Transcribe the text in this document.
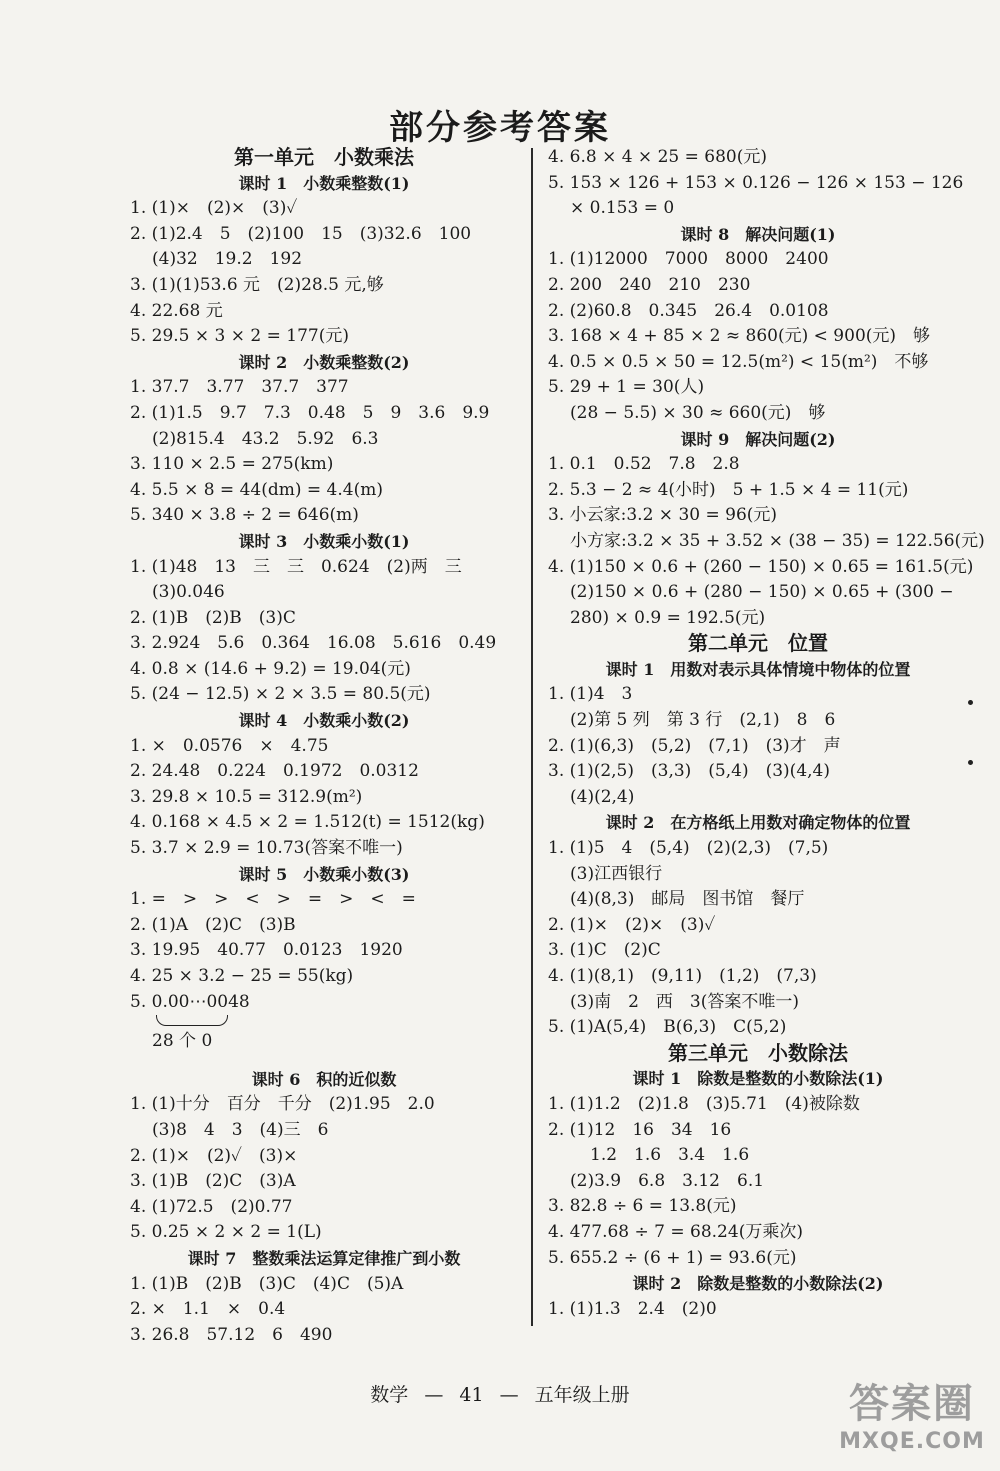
部分参考答案
第一单元　小数乘法
课时 1　小数乘整数(1)
1. (1)×　(2)×　(3)✓
2. (1)2.4　5　(2)100　15　(3)32.6　100
(4)32　19.2　192
3. (1)(1)53.6 元　(2)28.5 元,够
4. 22.68 元
5. 29.5 × 3 × 2 = 177(元)
课时 2　小数乘整数(2)
1. 37.7　3.77　37.7　377
2. (1)1.5　9.7　7.3　0.48　5　9　3.6　9.9
(2)815.4　43.2　5.92　6.3
3. 110 × 2.5 = 275(km)
4. 5.5 × 8 = 44(dm) = 4.4(m)
5. 340 × 3.8 ÷ 2 = 646(m)
课时 3　小数乘小数(1)
1. (1)48　13　三　三　0.624　(2)两　三
(3)0.046
2. (1)B　(2)B　(3)C
3. 2.924　5.6　0.364　16.08　5.616　0.49
4. 0.8 × (14.6 + 9.2) = 19.04(元)
5. (24 − 12.5) × 2 × 3.5 = 80.5(元)
课时 4　小数乘小数(2)
1. ×　0.0576　×　4.75
2. 24.48　0.224　0.1972　0.0312
3. 29.8 × 10.5 = 312.9(m²)
4. 0.168 × 4.5 × 2 = 1.512(t) = 1512(kg)
5. 3.7 × 2.9 = 10.73(答案不唯一)
课时 5　小数乘小数(3)
1. =　>　>　<　>　=　>　<　=
2. (1)A　(2)C　(3)B
3. 19.95　40.77　0.0123　1920
4. 25 × 3.2 − 25 = 55(kg)
5. 0.00⋯0048
28 个 0
课时 6　积的近似数
1. (1)十分　百分　千分　(2)1.95　2.0
(3)8　4　3　(4)三　6
2. (1)×　(2)✓　(3)×
3. (1)B　(2)C　(3)A
4. (1)72.5　(2)0.77
5. 0.25 × 2 × 2 = 1(L)
课时 7　整数乘法运算定律推广到小数
1. (1)B　(2)B　(3)C　(4)C　(5)A
2. ×　1.1　×　0.4
3. 26.8　57.12　6　490
4. 6.8 × 4 × 25 = 680(元)
5. 153 × 126 + 153 × 0.126 − 126 × 153 − 126
× 0.153 = 0
课时 8　解决问题(1)
1. (1)12000　7000　8000　2400
2. 200　240　210　230
2. (2)60.8　0.345　26.4　0.0108
3. 168 × 4 + 85 × 2 ≈ 860(元) < 900(元)　够
4. 0.5 × 0.5 × 50 = 12.5(m²) < 15(m²)　不够
5. 29 + 1 = 30(人)
(28 − 5.5) × 30 ≈ 660(元)　够
课时 9　解决问题(2)
1. 0.1　0.52　7.8　2.8
2. 5.3 − 2 ≈ 4(小时)　5 + 1.5 × 4 = 11(元)
3. 小云家:3.2 × 30 = 96(元)
小方家:3.2 × 35 + 3.52 × (38 − 35) = 122.56(元)
4. (1)150 × 0.6 + (260 − 150) × 0.65 = 161.5(元)
(2)150 × 0.6 + (280 − 150) × 0.65 + (300 −
280) × 0.9 = 192.5(元)
第二单元　位置
课时 1　用数对表示具体情境中物体的位置
1. (1)4　3
(2)第 5 列　第 3 行　(2,1)　8　6
2. (1)(6,3)　(5,2)　(7,1)　(3)才　声
3. (1)(2,5)　(3,3)　(5,4)　(3)(4,4)
(4)(2,4)
课时 2　在方格纸上用数对确定物体的位置
1. (1)5　4　(5,4)　(2)(2,3)　(7,5)
(3)江西银行
(4)(8,3)　邮局　图书馆　餐厅
2. (1)×　(2)×　(3)✓
3. (1)C　(2)C
4. (1)(8,1)　(9,11)　(1,2)　(7,3)
(3)南　2　西　3(答案不唯一)
5. (1)A(5,4)　B(6,3)　C(5,2)
第三单元　小数除法
课时 1　除数是整数的小数除法(1)
1. (1)1.2　(2)1.8　(3)5.71　(4)被除数
2. (1)12　16　34　16
1.2　1.6　3.4　1.6
(2)3.9　6.8　3.12　6.1
3. 82.8 ÷ 6 = 13.8(元)
4. 477.68 ÷ 7 = 68.24(万乘次)
5. 655.2 ÷ (6 + 1) = 93.6(元)
课时 2　除数是整数的小数除法(2)
1. (1)1.3　2.4　(2)0
数学 — 41 — 五年级上册	答案圈
MXQE.COM
